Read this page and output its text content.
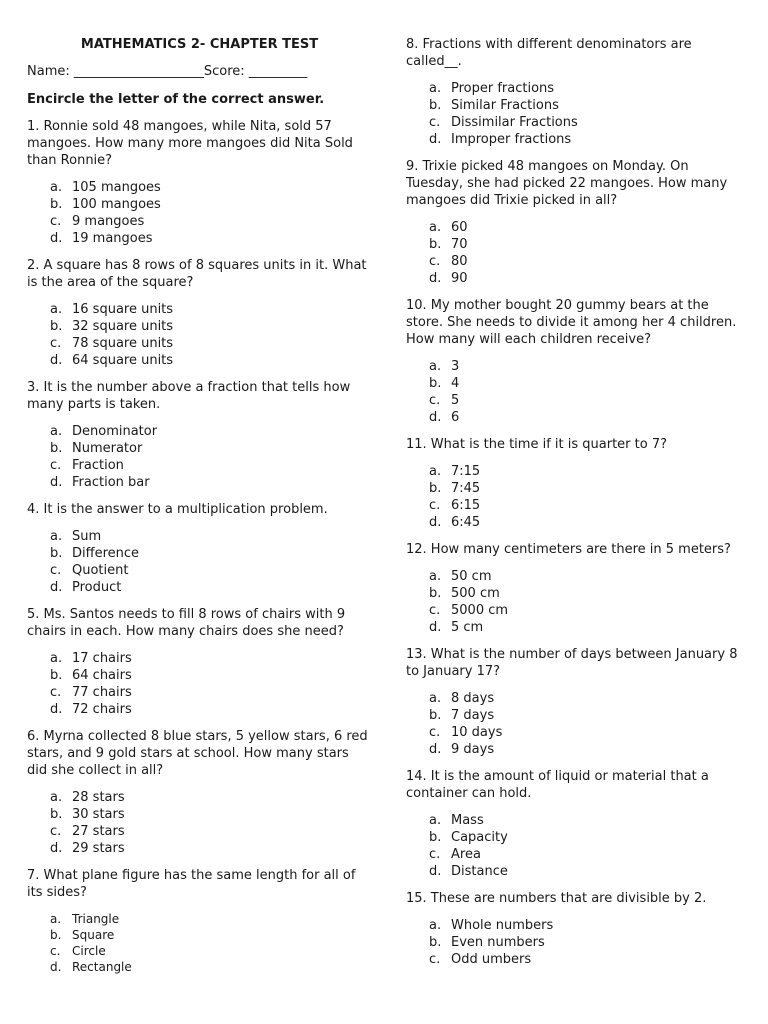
MATHEMATICS 2- CHAPTER TEST
Name: ____________________Score: _________
Encircle the letter of the correct answer.
1. Ronnie sold 48 mangoes, while Nita, sold 57 mangoes. How many more mangoes did Nita Sold than Ronnie?
a. 105 mangoes
b. 100 mangoes
c. 9 mangoes
d. 19 mangoes
2. A square has 8 rows of 8 squares units in it. What is the area of the square?
a. 16 square units
b. 32 square units
c. 78 square units
d. 64 square units
3. It is the number above a fraction that tells how many parts is taken.
a. Denominator
b. Numerator
c. Fraction
d. Fraction bar
4. It is the answer to a multiplication problem.
a. Sum
b. Difference
c. Quotient
d. Product
5. Ms. Santos needs to fill 8 rows of chairs with 9 chairs in each. How many chairs does she need?
a. 17 chairs
b. 64 chairs
c. 77 chairs
d. 72 chairs
6. Myrna collected 8 blue stars, 5 yellow stars, 6 red stars, and 9 gold stars at school. How many stars did she collect in all?
a. 28 stars
b. 30 stars
c. 27 stars
d. 29 stars
7. What plane figure has the same length for all of its sides?
a. Triangle
b. Square
c. Circle
d. Rectangle
8. Fractions with different denominators are called__.
a. Proper fractions
b. Similar Fractions
c. Dissimilar Fractions
d. Improper fractions
9. Trixie picked 48 mangoes on Monday. On Tuesday, she had picked 22 mangoes. How many mangoes did Trixie picked in all?
a. 60
b. 70
c. 80
d. 90
10. My mother bought 20 gummy bears at the store. She needs to divide it among her 4 children. How many will each children receive?
a. 3
b. 4
c. 5
d. 6
11. What is the time if it is quarter to 7?
a. 7:15
b. 7:45
c. 6:15
d. 6:45
12. How many centimeters are there in 5 meters?
a. 50 cm
b. 500 cm
c. 5000 cm
d. 5 cm
13. What is the number of days between January 8 to January 17?
a. 8 days
b. 7 days
c. 10 days
d. 9 days
14. It is the amount of liquid or material that a container can hold.
a. Mass
b. Capacity
c. Area
d. Distance
15. These are numbers that are divisible by 2.
a. Whole numbers
b. Even numbers
c. Odd umbers
